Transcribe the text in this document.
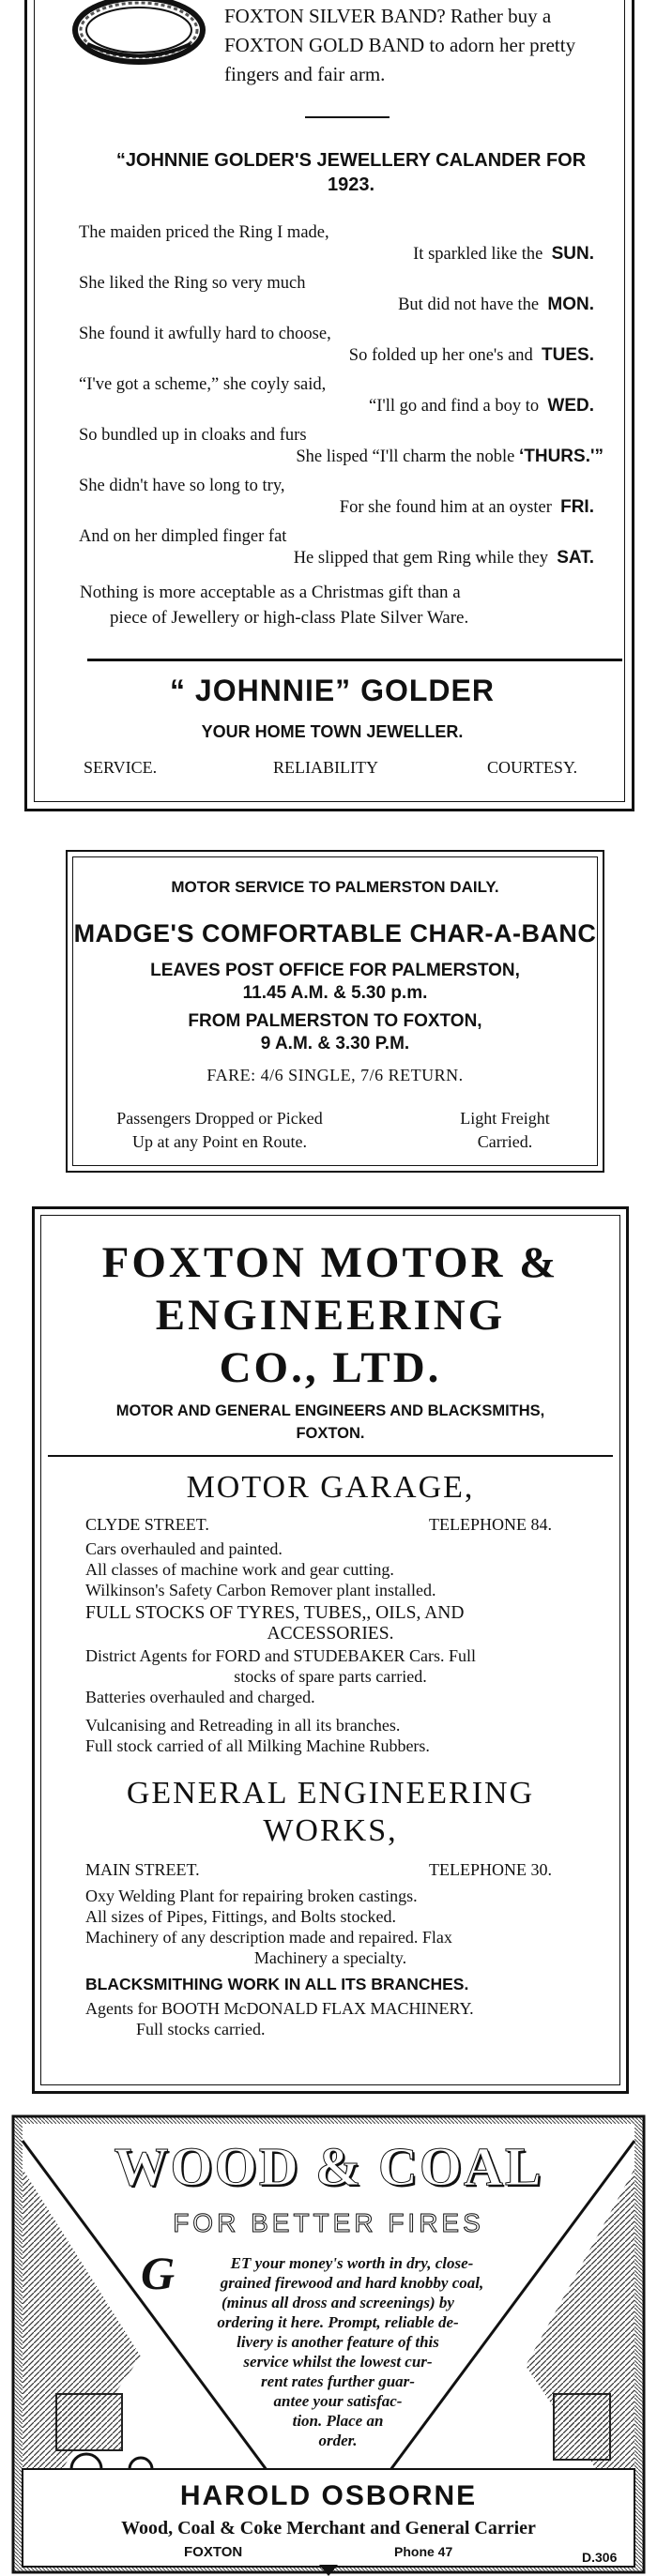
FOXTON SILVER BAND? Rather buy a
FOXTON GOLD BAND to adorn her pretty
fingers and fair arm.
“JOHNNIE GOLDER'S JEWELLERY CALANDER FOR
1923.
The maiden priced the Ring I made,
It sparkled like the SUN.
She liked the Ring so very much
But did not have the MON.
She found it awfully hard to choose,
So folded up her one's and TUES.
“I've got a scheme,” she coyly said,
“I'll go and find a boy to WED.
So bundled up in cloaks and furs
She lisped “I'll charm the noble ‘THURS.'”
She didn't have so long to try,
For she found him at an oyster FRI.
And on her dimpled finger fat
He slipped that gem Ring while they SAT.
Nothing is more acceptable as a Christmas gift than a
piece of Jewellery or high-class Plate Silver Ware.
“ JOHNNIE” GOLDER
YOUR HOME TOWN JEWELLER.
SERVICE.	RELIABILITY	COURTESY.
MOTOR SERVICE TO PALMERSTON DAILY.
MADGE'S COMFORTABLE CHAR-A-BANC
LEAVES POST OFFICE FOR PALMERSTON,
11.45 A.M. & 5.30 p.m.
FROM PALMERSTON TO FOXTON,
9 A.M. & 3.30 P.M.
FARE: 4/6 SINGLE, 7/6 RETURN.
Passengers Dropped or Picked
Up at any Point en Route.
Light Freight
Carried.
FOXTON MOTOR &
ENGINEERING
CO., LTD.
MOTOR AND GENERAL ENGINEERS AND BLACKSMITHS,
FOXTON.
MOTOR GARAGE,
CLYDE STREET.	TELEPHONE 84.
Cars overhauled and painted.
All classes of machine work and gear cutting.
Wilkinson's Safety Carbon Remover plant installed.
FULL STOCKS OF TYRES, TUBES,, OILS, AND
ACCESSORIES.
District Agents for FORD and STUDEBAKER Cars. Full
stocks of spare parts carried.
Batteries overhauled and charged.
Vulcanising and Retreading in all its branches.
Full stock carried of all Milking Machine Rubbers.
GENERAL ENGINEERING
WORKS,
MAIN STREET.	TELEPHONE 30.
Oxy Welding Plant for repairing broken castings.
All sizes of Pipes, Fittings, and Bolts stocked.
Machinery of any description made and repaired. Flax
Machinery a specialty.
BLACKSMITHING WORK IN ALL ITS BRANCHES.
Agents for BOOTH McDONALD FLAX MACHINERY.
Full stocks carried.
WOOD & COAL
FOR BETTER FIRES
G	ET your money's worth in dry, close-
grained firewood and hard knobby coal,
(minus all dross and screenings) by
ordering it here. Prompt, reliable de-
livery is another feature of this
service whilst the lowest cur-
rent rates further guar-
antee your satisfac-
tion. Place an
order.
HAROLD OSBORNE
Wood, Coal & Coke Merchant and General Carrier
FOXTON	Phone 47	D.306
